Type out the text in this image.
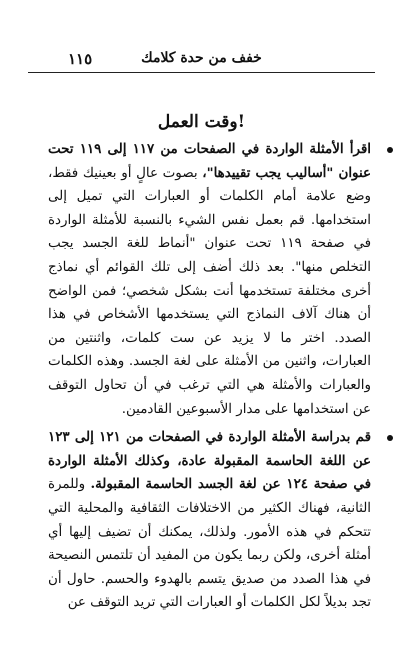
١١٥	خفف من حدة كلامك
وقت العمل!

اقرأ الأمثلة الواردة في الصفحات من ١١٧ إلى ١١٩ تحت عنوان "أساليب يجب تقييدها"، بصوت عالٍ أو بعينيك فقط، وضع علامة أمام الكلمات أو العبارات التي تميل إلى استخدامها. قم بعمل نفس الشيء بالنسبة للأمثلة الواردة في صفحة ١١٩ تحت عنوان "أنماط للغة الجسد يجب التخلص منها". بعد ذلك أضف إلى تلك القوائم أي نماذج أخرى مختلفة تستخدمها أنت بشكل شخصي؛ فمن الواضح أن هناك آلاف النماذج التي يستخدمها الأشخاص في هذا الصدد. اختر ما لا يزيد عن ست كلمات، واثنتين من العبارات، واثنين من الأمثلة على لغة الجسد. وهذه الكلمات والعبارات والأمثلة هي التي ترغب في أن تحاول التوقف عن استخدامها على مدار الأسبوعين القادمين.

قم بدراسة الأمثلة الواردة في الصفحات من ١٢١ إلى ١٢٣ عن اللغة الحاسمة المقبولة عادة، وكذلك الأمثلة الواردة في صفحة ١٢٤ عن لغة الجسد الحاسمة المقبولة. وللمرة الثانية، فهناك الكثير من الاختلافات الثقافية والمحلية التي تتحكم في هذه الأمور. ولذلك، يمكنك أن تضيف إليها أي أمثلة أخرى، ولكن ربما يكون من المفيد أن تلتمس النصيحة في هذا الصدد من صديق يتسم بالهدوء والحسم. حاول أن تجد بديلاً لكل الكلمات أو العبارات التي تريد التوقف عن
